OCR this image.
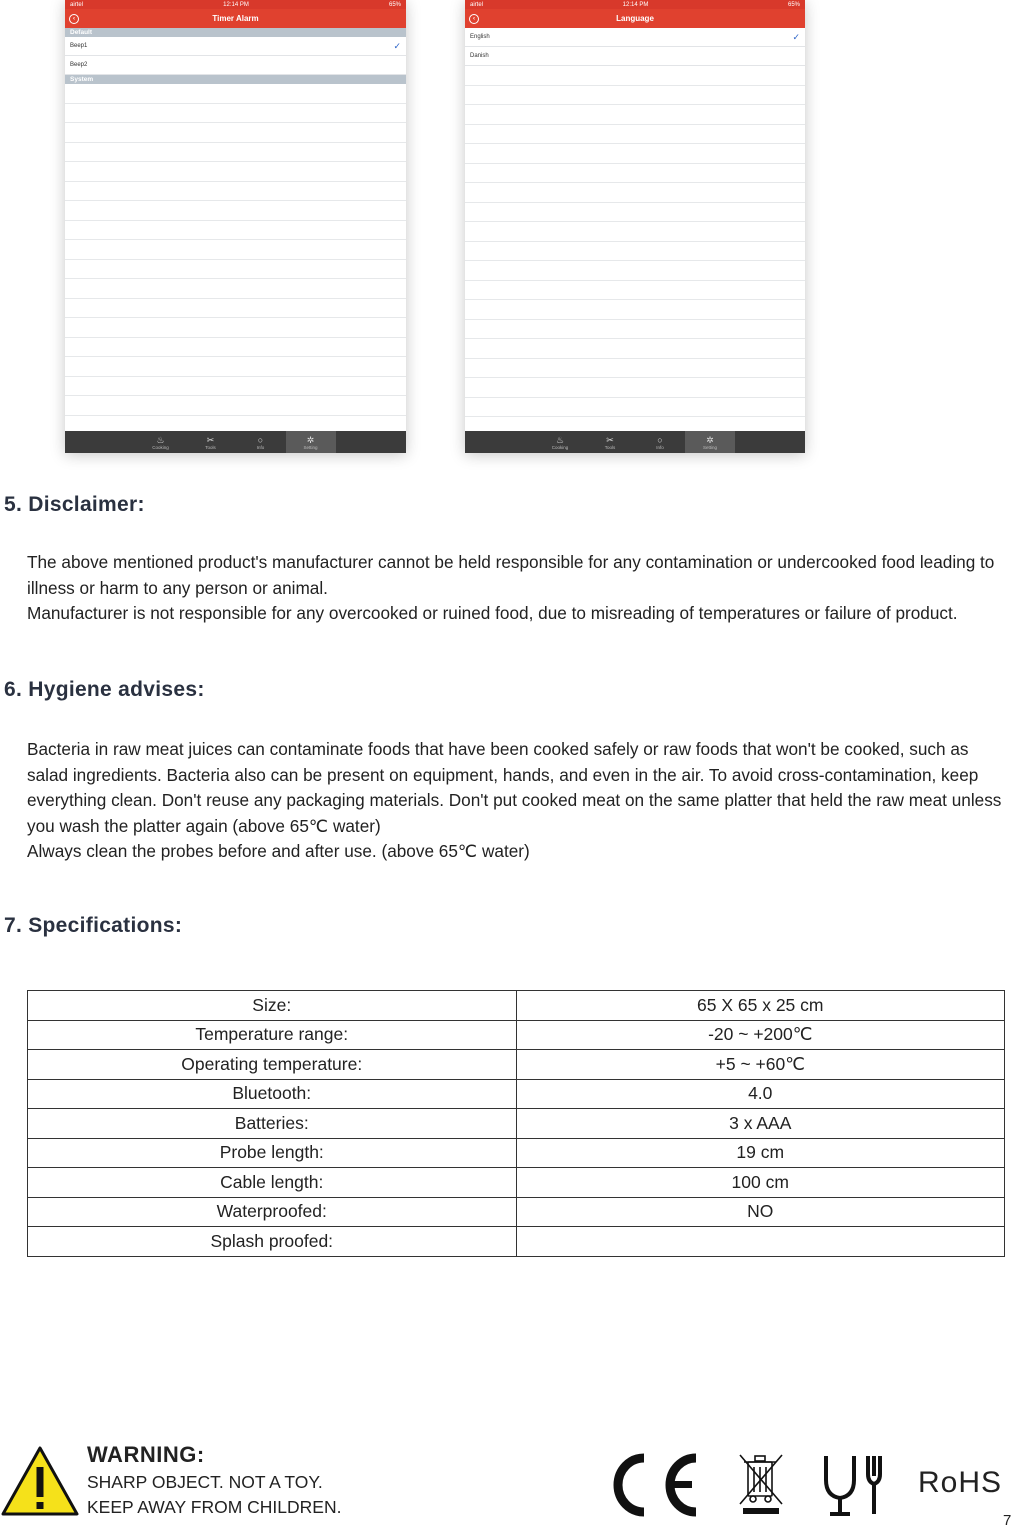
airtel	12:14 PM	65%
‹	Timer Alarm
Default
Beep1	✓
Beep2
System
♨
Cooking
✂
Tools
○
Info
✲
Setting
airtel	12:14 PM	65%
‹	Language
English	✓
Danish
♨
Cooking
✂
Tools
○
Info
✲
Setting
5. Disclaimer:

The above mentioned product's manufacturer cannot be held responsible for any contamination or undercooked food leading to illness or harm to any person or animal.

Manufacturer is not responsible for any overcooked or ruined food, due to misreading of temperatures or failure of product.

6. Hygiene advises:

Bacteria in raw meat juices can contaminate foods that have been cooked safely or raw foods that won't be cooked, such as salad ingredients. Bacteria also can be present on equipment, hands, and even in the air. To avoid cross-contamination, keep everything clean. Don't reuse any packaging materials. Don't put cooked meat on the same platter that held the raw meat unless you wash the platter again (above 65℃ water)

Always clean the probes before and after use. (above 65℃ water)

7. Specifications:
Size:	65 X 65 x 25 cm
Temperature range:	-20 ~ +200℃
Operating temperature:	+5 ~ +60℃
Bluetooth:	4.0
Batteries:	3 x AAA
Probe length:	19 cm
Cable length:	100 cm
Waterproofed:	NO
Splash proofed:	
WARNING:
SHARP OBJECT. NOT A TOY.
KEEP AWAY FROM CHILDREN.
RoHS
7
